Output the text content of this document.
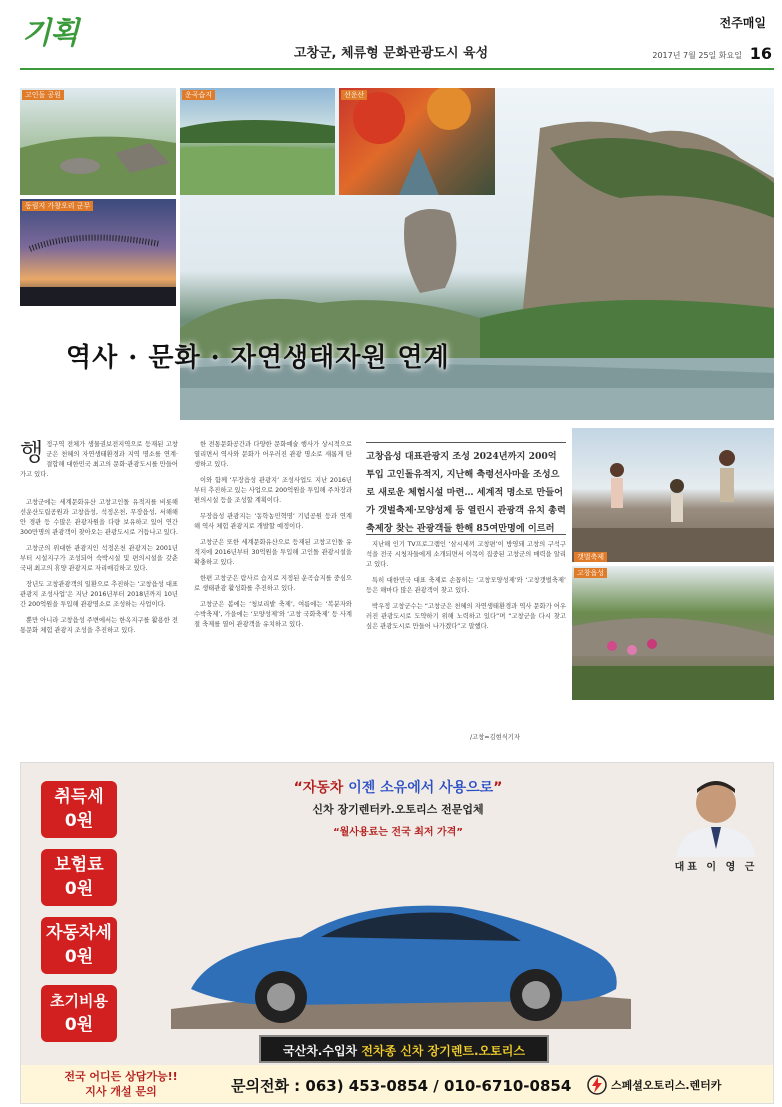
기획	전주매일
고창군, 체류형 문화관광도시 육성	2017년 7월 25일 화요일 16
고인돌 공원	운곡습지	선운산
동림지 가창오리 군무
역사 · 문화 · 자연생태자원 연계
행 정구역 전체가 생물권보전지역으로 등재된 고창군은 천혜의 자연생태환경과 지역 명소를 연계·결합해 대한민국 최고의 문화·관광도시를 만들어가고 있다.

고창군에는 세계문화유산 고창고인돌 유적지를 비롯해 선운산도립공원과 고창읍성, 석정온천, 무장읍성, 서해해안 경관 등 수많은 관광자원을 다량 보유하고 있어 연간 300만명의 관광객이 찾아오는 관광도시로 거듭나고 있다.

고창군의 위대한 관광지인 석정온천 관광지는 2001년부터 시설지구가 조성되어 숙박시설 및 편의시설을 갖춘 국내 최고의 휴양 관광지로 자리매김하고 있다.

장년도 고창관광객의 일환으로 추진하는 ‘고창읍성 대표관광지 조성사업’은 지난 2016년부터 2018년까지 10년간 200억원을 투입해 관광명소로 조성하는 사업이다.

뿐만 아니라 고창읍성 주변에서는 한옥지구를 활용한 전통문화 체험 관광지 조성을 추진하고 있다.

한 전통문화공간과 다양한 문화예술 행사가 상시적으로 열리면서 역사와 문화가 어우러진 관광 명소로 새롭게 탄생하고 있다.

이와 함께 ‘무장읍성 관광지’ 조성사업도 지난 2016년부터 추진하고 있는 사업으로 200억원을 투입해 주차장과 편의시설 등을 조성할 계획이다.

무장읍성 관광지는 ‘동학농민혁명’ 기념공원 등과 연계해 역사 체험 관광지로 개발할 예정이다.

고창군은 또한 세계문화유산으로 등재된 고창고인돌 유적지에 2016년부터 30억원을 투입해 고인돌 관광시설을 확충하고 있다.

한편 고창군은 람사르 습지로 지정된 운곡습지를 중심으로 생태관광 활성화를 추진하고 있다.

고창군은 봄에는 ‘청보리밭 축제’, 여름에는 ‘복분자와 수박축제’, 가을에는 ‘모양성제’와 ‘고창 국화축제’ 등 사계절 축제를 열어 관광객을 유치하고 있다.

고창읍성 대표관광지 조성 2024년까지 200억 투입 고인돌유적지, 지난해 축령선사마을 조성으로 새로운 체험시설 마련… 세계적 명소로 만들어가 갯벌축제·모양성제 등 열린시 관광객 유치 총력 축제장 찾는 관광객들 한해 85여만명에 이르러

지난해 인기 TV프로그램인 ‘삼시세끼 고창편’이 방영돼 고창의 구석구석을 전국 시청자들에게 소개되면서 이목이 집중된 고창군의 매력을 알리고 있다.

특히 대한민국 대표 축제로 손꼽히는 ‘고창모양성제’와 ‘고창갯벌축제’ 등은 해마다 많은 관광객이 찾고 있다.

박우정 고창군수는 “고창군은 천혜의 자연생태환경과 역사 문화가 어우러진 관광도시로 도약하기 위해 노력하고 있다”며 “고창군을 다시 찾고 싶은 관광도시로 만들어 나가겠다”고 말했다.

/고창=김현식기자
갯벌축제
고창읍성
취득세
0원
보험료
0원
자동차세
0원
초기비용
0원
“자동차 이젠 소유에서 사용으로”
신차 장기렌터카.오토리스 전문업체
“월사용료는 전국 최저 가격”
대표 이 영 근
국산차.수입차 전차종 신차 장기렌트.오토리스
전국 어디든 상담가능!!
지사 개설 문의	문의전화 : 063) 453-0854 / 010-6710-0854	스페셜오토리스.렌터카
